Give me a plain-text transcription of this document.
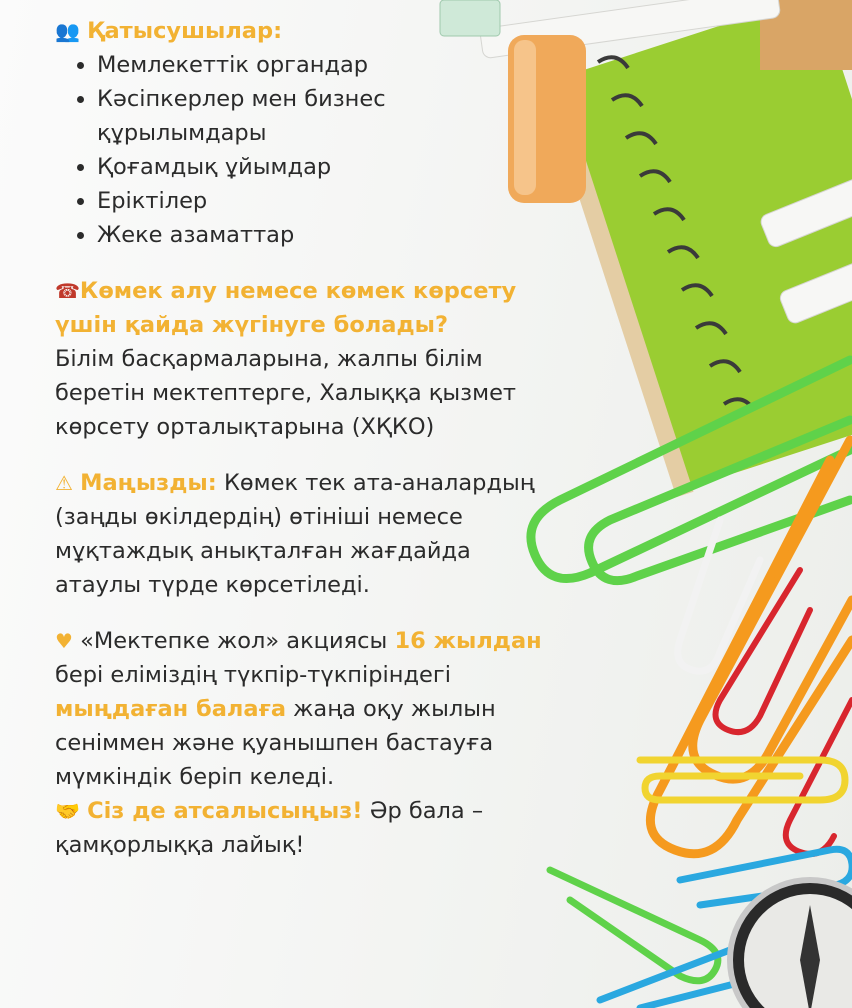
👥 Қатысушылар:

• Мемлекеттік органдар
• Кәсіпкерлер мен бизнес құрылымдары
• Қоғамдық ұйымдар
• Еріктілер
• Жеке азаматтар

☎Көмек алу немесе көмек көрсету үшін қайда жүгінуге болады?

Білім басқармаларына, жалпы білім беретін мектептерге, Халыққа қызмет көрсету орталықтарына (ХҚКО)

⚠ Маңызды: Көмек тек ата-аналардың (заңды өкілдердің) өтініші немесе мұқтаждық анықталған жағдайда атаулы түрде көрсетіледі.

♥ «Мектепке жол» акциясы 16 жылдан бері еліміздің түкпір-түкпіріндегі мыңдаған балаға жаңа оқу жылын сеніммен және қуанышпен бастауға мүмкіндік беріп келеді.

🤝 Сіз де атсалысыңыз! Әр бала – қамқорлыққа лайық!
